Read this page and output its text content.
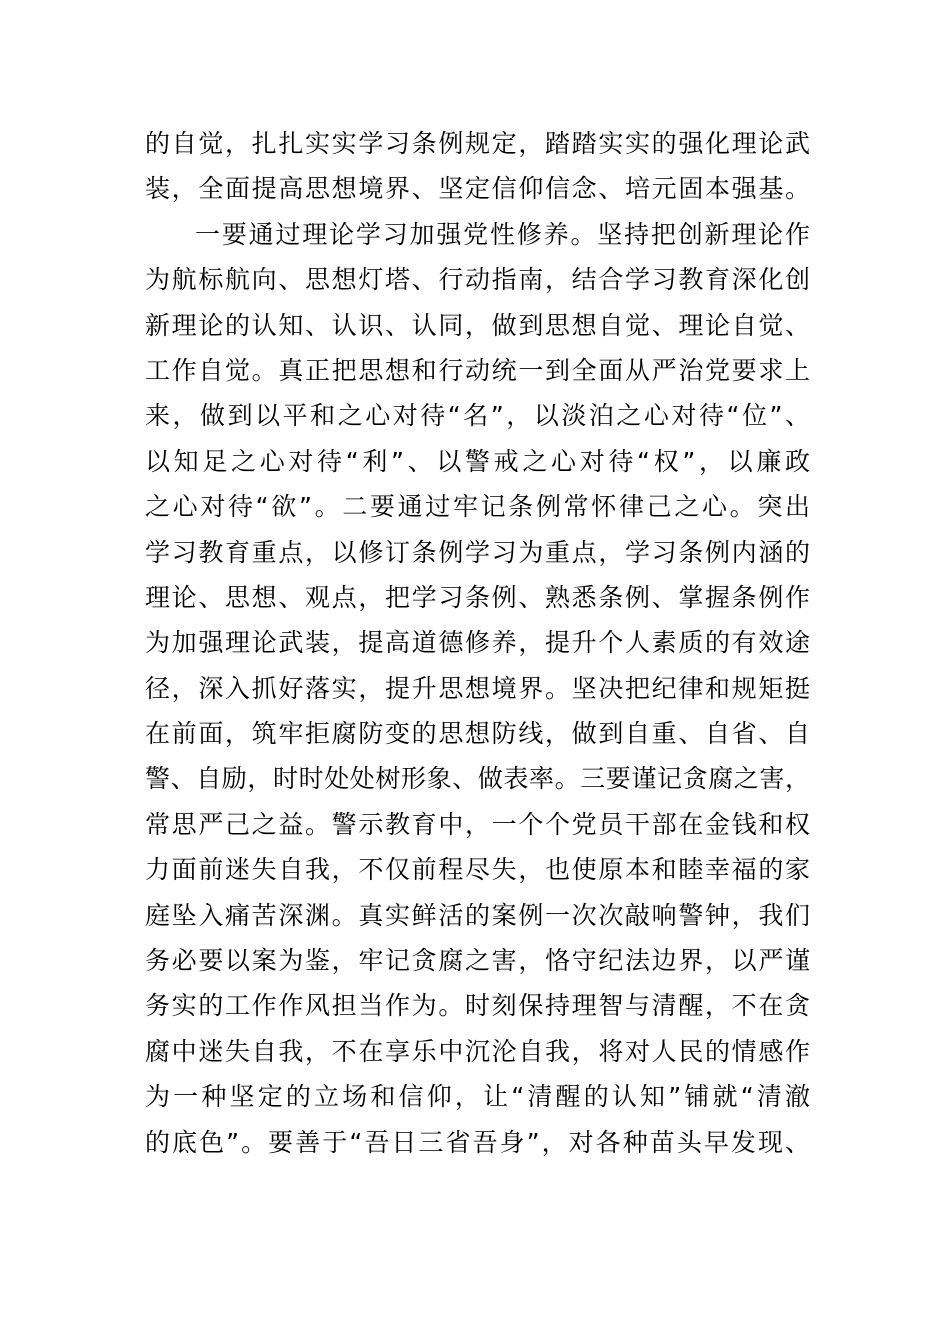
的自觉，扎扎实实学习条例规定，踏踏实实的强化理论武
装，全面提高思想境界、坚定信仰信念、培元固本强基。
一要通过理论学习加强党性修养。坚持把创新理论作
为航标航向、思想灯塔、行动指南，结合学习教育深化创
新理论的认知、认识、认同，做到思想自觉、理论自觉、
工作自觉。真正把思想和行动统一到全面从严治党要求上
来，做到以平和之心对待“名”，以淡泊之心对待“位”、
以知足之心对待“利”、以警戒之心对待“权”，以廉政
之心对待“欲”。二要通过牢记条例常怀律己之心。突出
学习教育重点，以修订条例学习为重点，学习条例内涵的
理论、思想、观点，把学习条例、熟悉条例、掌握条例作
为加强理论武装，提高道德修养，提升个人素质的有效途
径，深入抓好落实，提升思想境界。坚决把纪律和规矩挺
在前面，筑牢拒腐防变的思想防线，做到自重、自省、自
警、自励，时时处处树形象、做表率。三要谨记贪腐之害，
常思严己之益。警示教育中，一个个党员干部在金钱和权
力面前迷失自我，不仅前程尽失，也使原本和睦幸福的家
庭坠入痛苦深渊。真实鲜活的案例一次次敲响警钟，我们
务必要以案为鉴，牢记贪腐之害，恪守纪法边界，以严谨
务实的工作作风担当作为。时刻保持理智与清醒，不在贪
腐中迷失自我，不在享乐中沉沦自我，将对人民的情感作
为一种坚定的立场和信仰，让“清醒的认知”铺就“清澈
的底色”。要善于“吾日三省吾身”，对各种苗头早发现、
